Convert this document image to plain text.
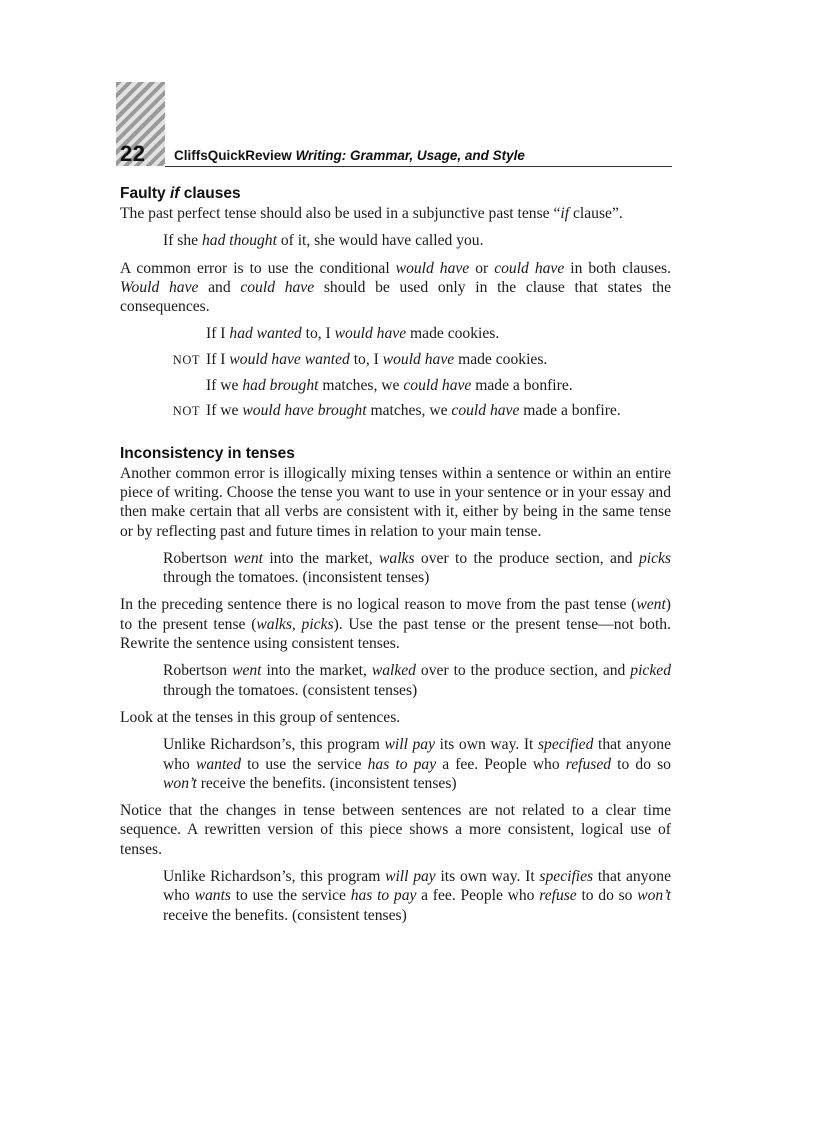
22 CliffsQuickReview Writing: Grammar, Usage, and Style
Faulty if clauses

The past perfect tense should also be used in a subjunctive past tense “if clause”.

If she had thought of it, she would have called you.

A common error is to use the conditional would have or could have in both clauses. Would have and could have should be used only in the clause that states the consequences.

If I had wanted to, I would have made cookies.
NOT If I would have wanted to, I would have made cookies.
If we had brought matches, we could have made a bonfire.
NOT If we would have brought matches, we could have made a bonfire.
Inconsistency in tenses

Another common error is illogically mixing tenses within a sentence or within an entire piece of writing. Choose the tense you want to use in your sentence or in your essay and then make certain that all verbs are consistent with it, either by being in the same tense or by reflecting past and future times in relation to your main tense.

Robertson went into the market, walks over to the produce section, and picks through the tomatoes. (inconsistent tenses)

In the preceding sentence there is no logical reason to move from the past tense (went) to the present tense (walks, picks). Use the past tense or the present tense—not both. Rewrite the sentence using consistent tenses.

Robertson went into the market, walked over to the produce section, and picked through the tomatoes. (consistent tenses)

Look at the tenses in this group of sentences.

Unlike Richardson’s, this program will pay its own way. It specified that anyone who wanted to use the service has to pay a fee. People who refused to do so won’t receive the benefits. (inconsistent tenses)

Notice that the changes in tense between sentences are not related to a clear time sequence. A rewritten version of this piece shows a more consistent, logical use of tenses.

Unlike Richardson’s, this program will pay its own way. It specifies that anyone who wants to use the service has to pay a fee. People who refuse to do so won’t receive the benefits. (consistent tenses)
